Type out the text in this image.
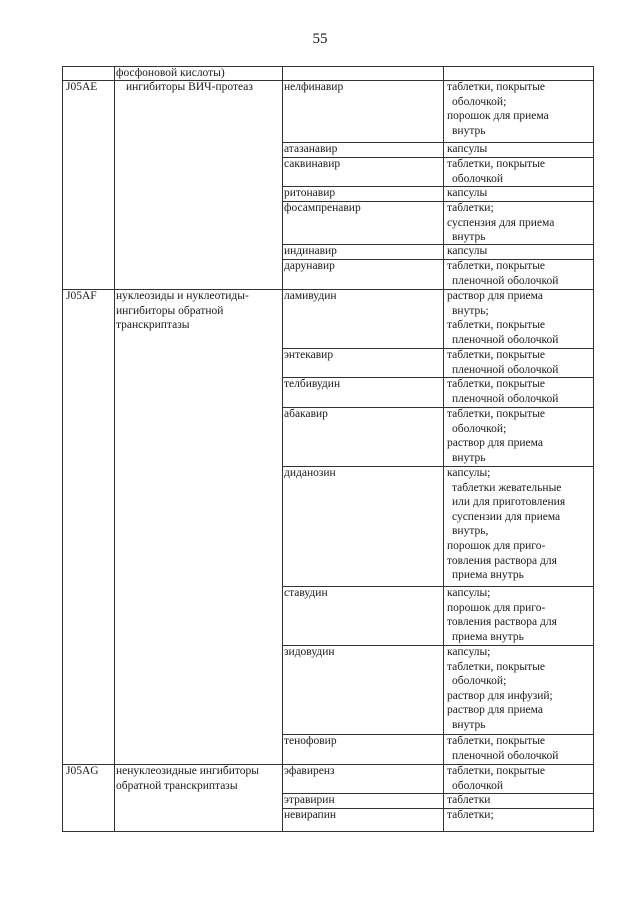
55
фосфоновой кислоты)
J05AE	ингибиторы ВИЧ-протеаз	нелфинавир	таблетки, покрытые
оболочкой;
порошок для приема
внутрь
атазанавир	капсулы
саквинавир	таблетки, покрытые
оболочкой
ритонавир	капсулы
фосампренавир	таблетки;
суспензия для приема
внутрь
индинавир	капсулы
дарунавир	таблетки, покрытые
пленочной оболочкой
J05AF	нуклеозиды и нуклеотиды-
ингибиторы обратной
транскриптазы
ламивудин	раствор для приема
внутрь;
таблетки, покрытые
пленочной оболочкой
энтекавир	таблетки, покрытые
пленочной оболочкой
телбивудин	таблетки, покрытые
пленочной оболочкой
абакавир	таблетки, покрытые
оболочкой;
раствор для приема
внутрь
диданозин	капсулы;
таблетки жевательные
или для приготовления
суспензии для приема
внутрь,
порошок для приго-
товления раствора для
приема внутрь
ставудин	капсулы;
порошок для приго-
товления раствора для
приема внутрь
зидовудин	капсулы;
таблетки, покрытые
оболочкой;
раствор для инфузий;
раствор для приема
внутрь
тенофовир	таблетки, покрытые
пленочной оболочкой
J05AG	ненуклеозидные ингибиторы
обратной транскриптазы
эфавиренз	таблетки, покрытые
оболочкой
этравирин	таблетки
невирапин	таблетки;
